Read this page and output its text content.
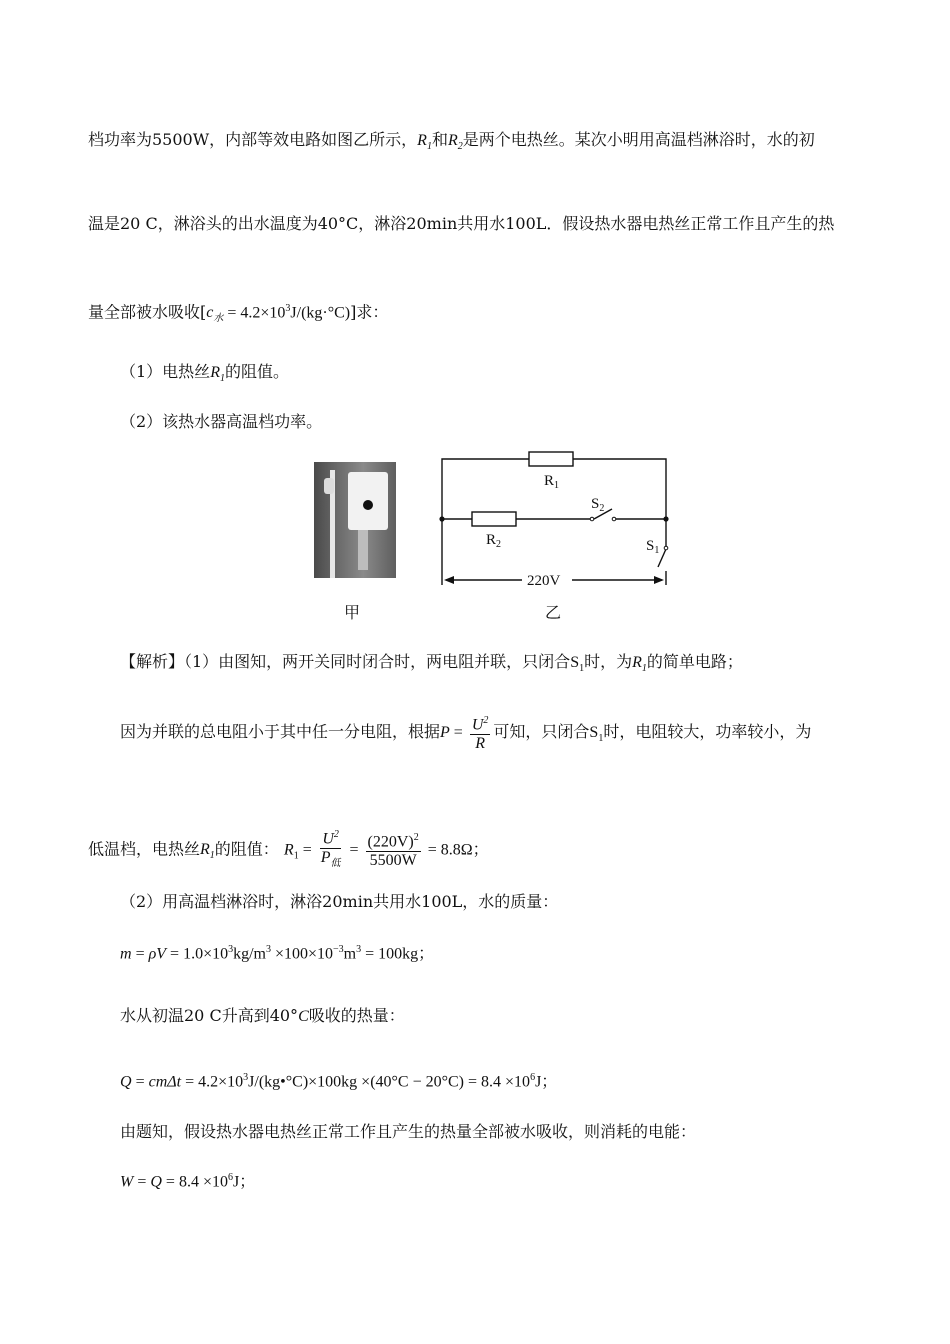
档功率为5500W，内部等效电路如图乙所示，$R_1$和$R_2$是两个电热丝。某次小明用高温档淋浴时，水的初
温是20 C，淋浴头的出水温度为40°C，淋浴20min共用水100L．假设热水器电热丝正常工作且产生的热
量全部被水吸收$[c_水 = 4.2\times 10^3J/(kg\cdot^\circ C)]$求：
（1）电热丝$R_1$的阻值。
（2）该热水器高温档功率。
$R_1$
$R_2$
$S_2$
$S_1$
220V
甲	乙
【解析】（1）由图知，两开关同时闭合时，两电阻并联，只闭合$S_1$时，为$R_1$的简单电路；
因为并联的总电阻小于其中任一分电阻，根据$P = \frac{U^2}{R}$ 可知，只闭合$S_1$时，电阻较大，功率较小，为
低温档，电热丝$R_1$的阻值： $R_1 = \frac{U^2}{P_低} = \frac{(220V)^2}{5500W} = 8.8\Omega$；
（2）用高温档淋浴时，淋浴20min共用水100L，水的质量：
$m = \rho V = 1.0\times 10^3kg/m^3 \times 100\times 10^{-3}m^3 = 100kg$；
水从初温20 C升高到40°C吸收的热量：
$Q = cm\Delta t = 4.2\times 10^3J/(kg•^\circ C)\times 100kg \times(40^\circ C - 20^\circ C) = 8.4 \times 10^6J$；
由题知，假设热水器电热丝正常工作且产生的热量全部被水吸收，则消耗的电能：
$W = Q = 8.4 \times 10^6J$；
